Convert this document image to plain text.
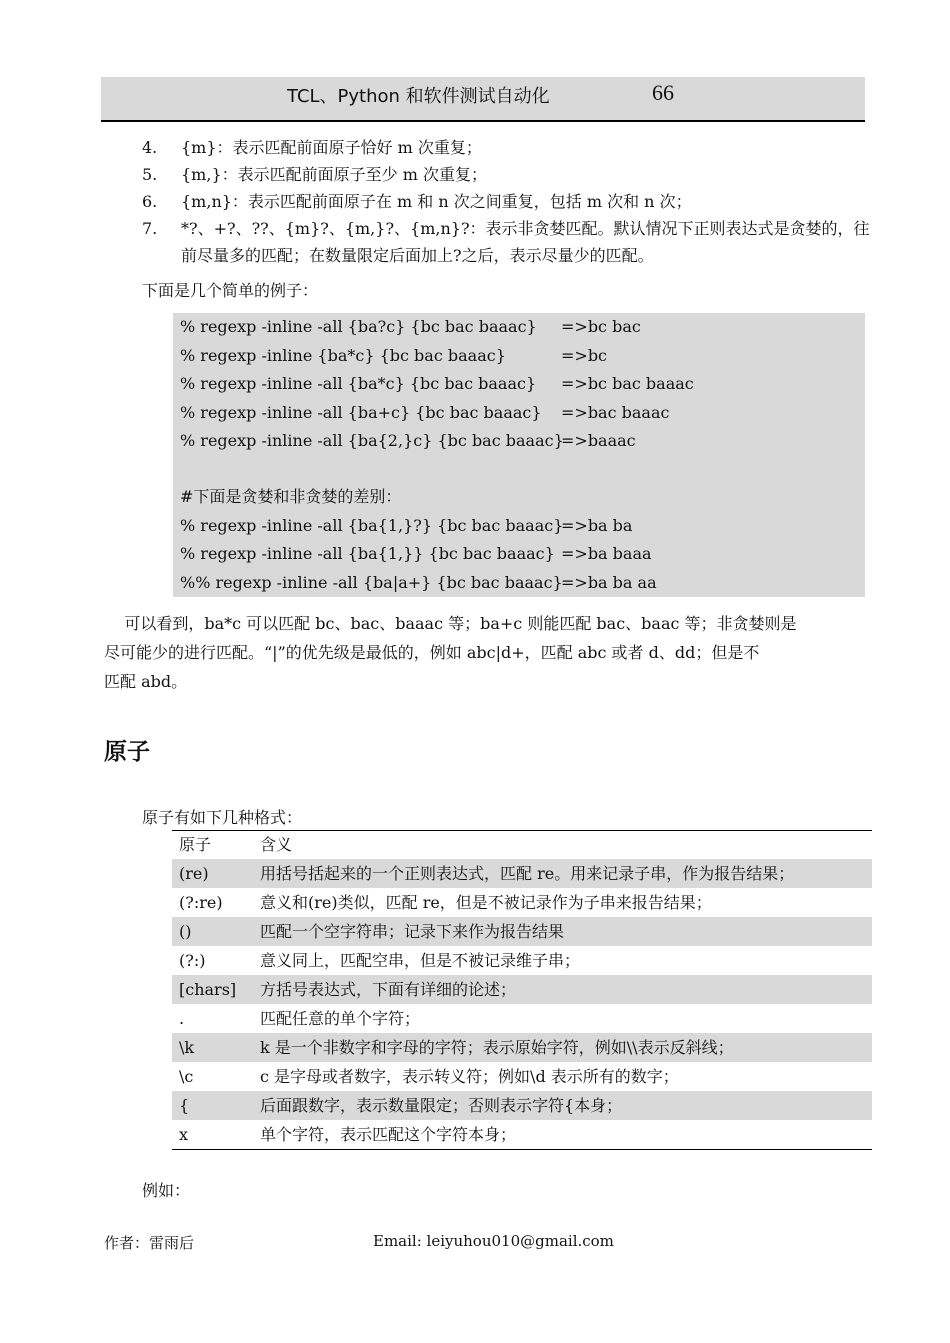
TCL、Python 和软件测试自动化	66
4.	{m}：表示匹配前面原子恰好 m 次重复；
5.	{m,}：表示匹配前面原子至少 m 次重复；
6.	{m,n}：表示匹配前面原子在 m 和 n 次之间重复，包括 m 次和 n 次；
7.	*?、+?、??、{m}?、{m,}?、{m,n}?：表示非贪婪匹配。默认情况下正则表达式是贪婪的，往前尽量多的匹配；在数量限定后面加上?之后，表示尽量少的匹配。
下面是几个简单的例子：
% regexp -inline -all {ba?c} {bc bac baaac} =>bc bac
% regexp -inline {ba*c} {bc bac baaac}	=>bc
% regexp -inline -all {ba*c} {bc bac baaac} =>bc bac baaac
% regexp -inline -all {ba+c} {bc bac baaac} =>bac baaac
% regexp -inline -all {ba{2,}c} {bc bac baaac}
=>baaac
#下面是贪婪和非贪婪的差别：
% regexp -inline -all {ba{1,}?} {bc bac baaac}
=>ba ba
% regexp -inline -all {ba{1,}} {bc bac baaac} =>ba baaa
%% regexp -inline -all {ba|a+} {bc bac baaac}
=>ba ba aa
可以看到，ba*c 可以匹配 bc、bac、baaac 等；ba+c 则能匹配 bac、baac 等；非贪婪则是
尽可能少的进行匹配。“|”的优先级是最低的，例如 abc|d+，匹配 abc 或者 d、dd；但是不
匹配 abd。
原子
原子有如下几种格式：
原子	含义
(re)	用括号括起来的一个正则表达式，匹配 re。用来记录子串，作为报告结果；
(?:re)	意义和(re)类似，匹配 re，但是不被记录作为子串来报告结果；
()	匹配一个空字符串；记录下来作为报告结果
(?:)	意义同上，匹配空串，但是不被记录维子串；
[chars]	方括号表达式，下面有详细的论述；
.	匹配任意的单个字符；
\k	k 是一个非数字和字母的字符；表示原始字符，例如\\表示反斜线；
\c	c 是字母或者数字，表示转义符；例如\d 表示所有的数字；
{	后面跟数字，表示数量限定；否则表示字符{本身；
x	单个字符，表示匹配这个字符本身；
例如：
作者：雷雨后	Email: leiyuhou010@gmail.com
